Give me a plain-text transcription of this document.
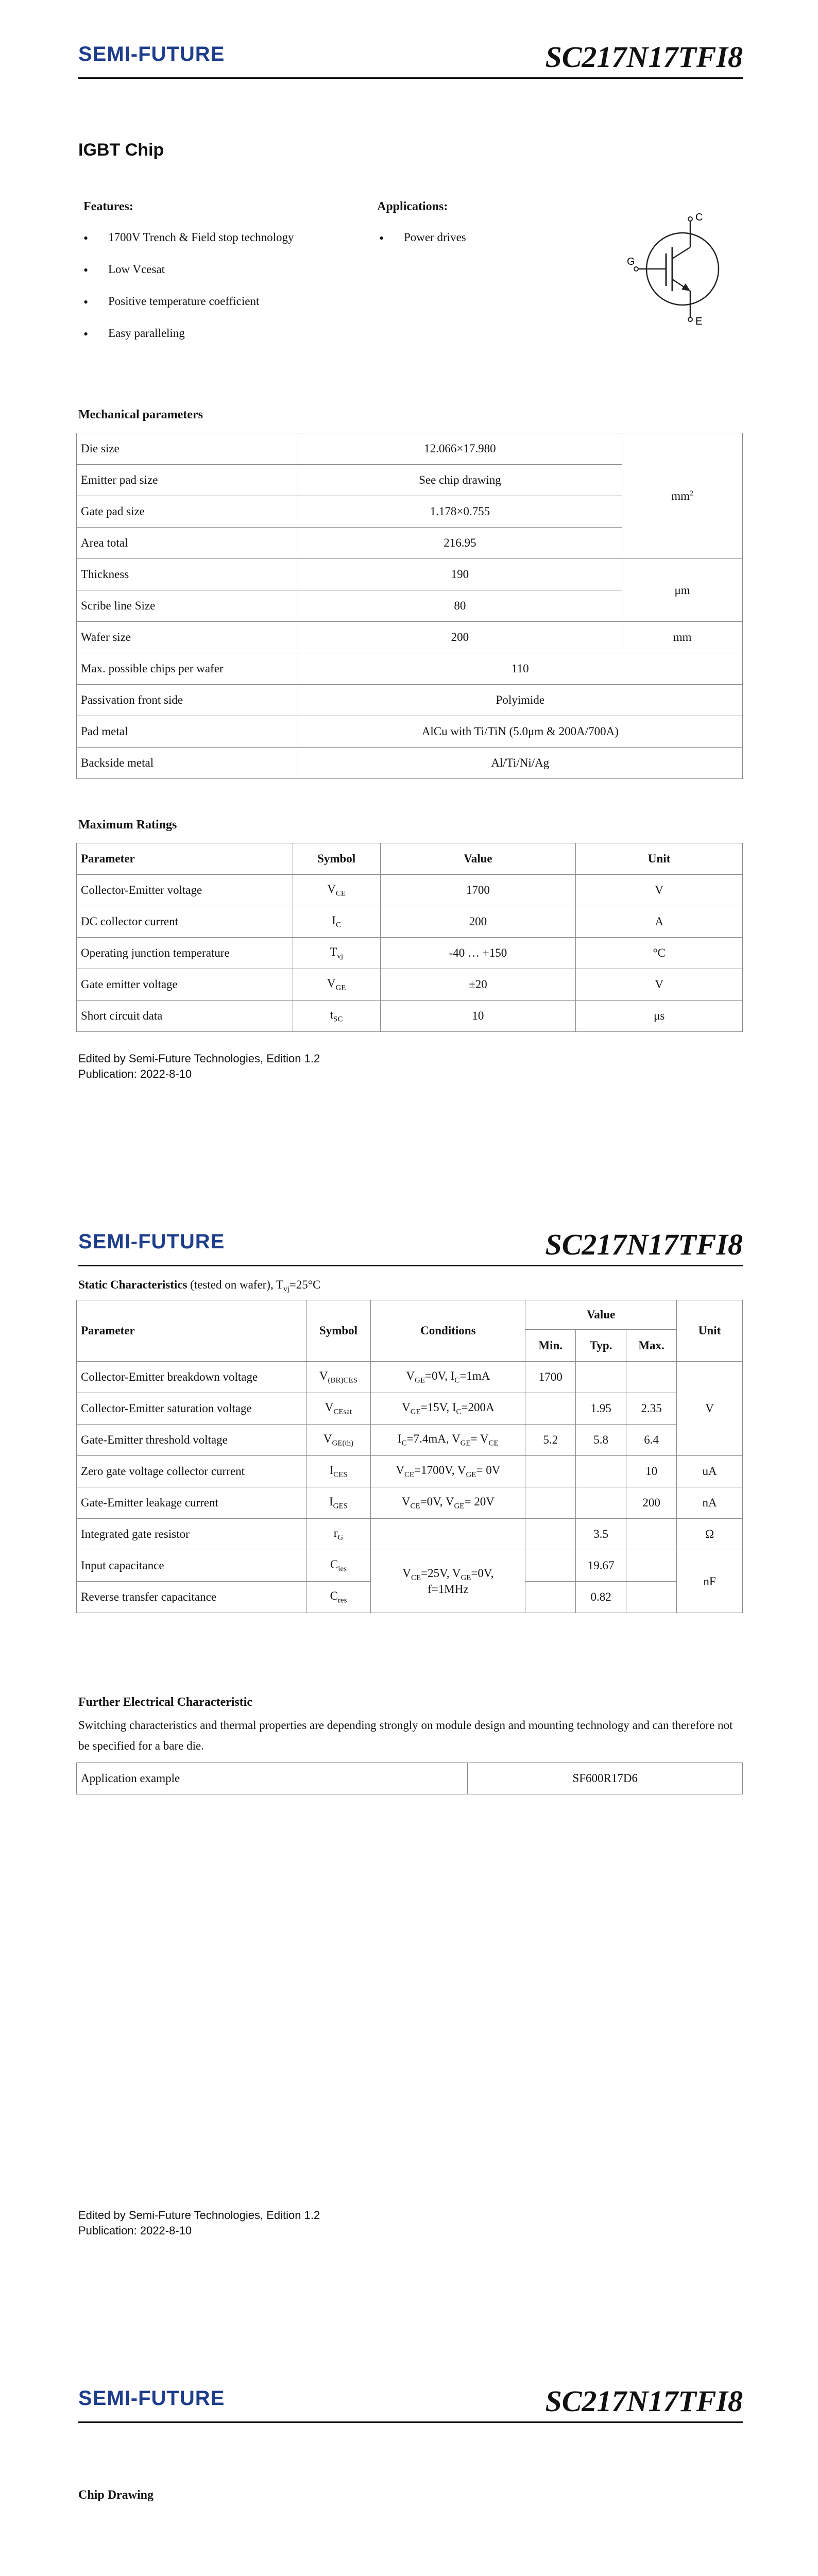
SEMI-FUTURE	SC217N17TFI8
IGBT Chip
Features:
• 1700V Trench & Field stop technology
• Low Vcesat
• Positive temperature coefficient
• Easy paralleling
Applications:
• Power drives
C
E
G
Mechanical parameters
Die size	12.066×17.980	$mm^2$
Emitter pad size	See chip drawing	
Gate pad size	1.178×0.755	
Area total	216.95	
Thickness	190	μm
Scribe line Size	80	
Wafer size	200	mm
Max. possible chips per wafer	110	
Passivation front side	Polyimide	
Pad metal	AlCu with Ti/TiN (5.0μm & 200A/700A)	
Backside metal	Al/Ti/Ni/Ag	
Maximum Ratings
Parameter	Symbol	Value	Unit
Collector-Emitter voltage	$V_{CE}$	1700	V
DC collector current	$I_C$	200	A
Operating junction temperature	$T_{vj}$	-40 … +150	°C
Gate emitter voltage	$V_{GE}$	±20	V
Short circuit data	$t_{SC}$	10	μs
Edited by Semi-Future Technologies, Edition 1.2
Publication: 2022-8-10
SEMI-FUTURE	SC217N17TFI8
Static Characteristics (tested on wafer), $T_{vj}=25^\circ C$
Parameter	Symbol	Conditions	Value			Unit
			Min.	Typ.	Max.	
Collector-Emitter breakdown voltage	$V_{(BR)CES}$	$V_{GE}=0V$, $I_C=1mA$	1700			V
Collector-Emitter saturation voltage	$V_{CEsat}$	$V_{GE}=15V$, $I_C=200A$		1.95	2.35	
Gate-Emitter threshold voltage	$V_{GE(th)}$	$I_C=7.4mA$, $V_{GE}= V_{CE}$	5.2	5.8	6.4	
Zero gate voltage collector current	$I_{CES}$	$V_{CE}=1700V$, $V_{GE}= 0V$			10	uA
Gate-Emitter leakage current	$I_{GES}$	$V_{CE}=0V$, $V_{GE}= 20V$			200	nA
Integrated gate resistor	$r_G$			3.5		Ω
Input capacitance	$C_{ies}$	$V_{CE}=25V$, $V_{GE}=0V$,
f=1MHz		19.67		nF
Reverse transfer capacitance	$C_{res}$			0.82		
Further Electrical Characteristic
Switching characteristics and thermal properties are depending strongly on module design and mounting technology and can therefore not be specified for a bare die.
Application example	SF600R17D6
Edited by Semi-Future Technologies, Edition 1.2
Publication: 2022-8-10
SEMI-FUTURE	SC217N17TFI8
Chip Drawing
